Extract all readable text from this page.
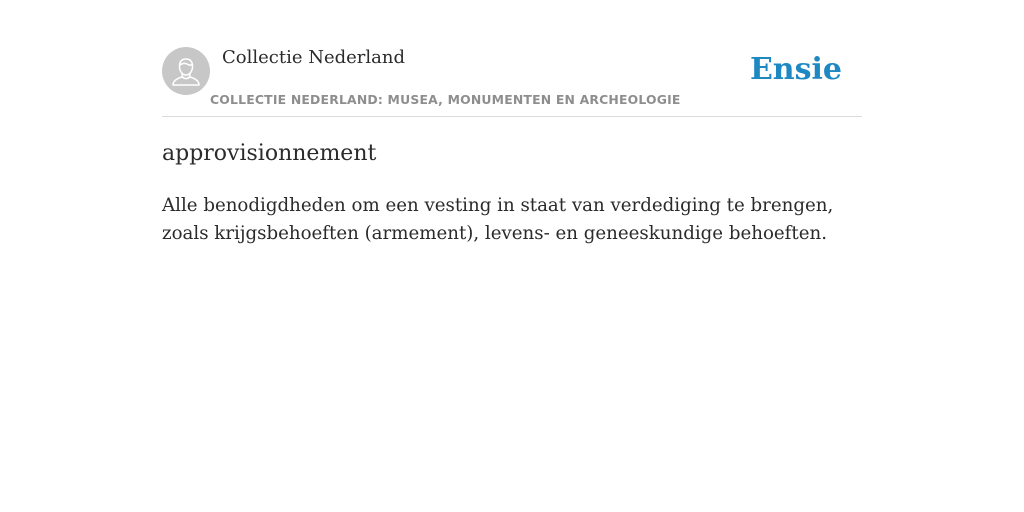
Collectie Nederland
COLLECTIE NEDERLAND: MUSEA, MONUMENTEN EN ARCHEOLOGIE
Ensie
approvisionnement

Alle benodigdheden om een vesting in staat van verdediging te brengen, zoals krijgsbehoeften (armement), levens- en geneeskundige behoeften.
